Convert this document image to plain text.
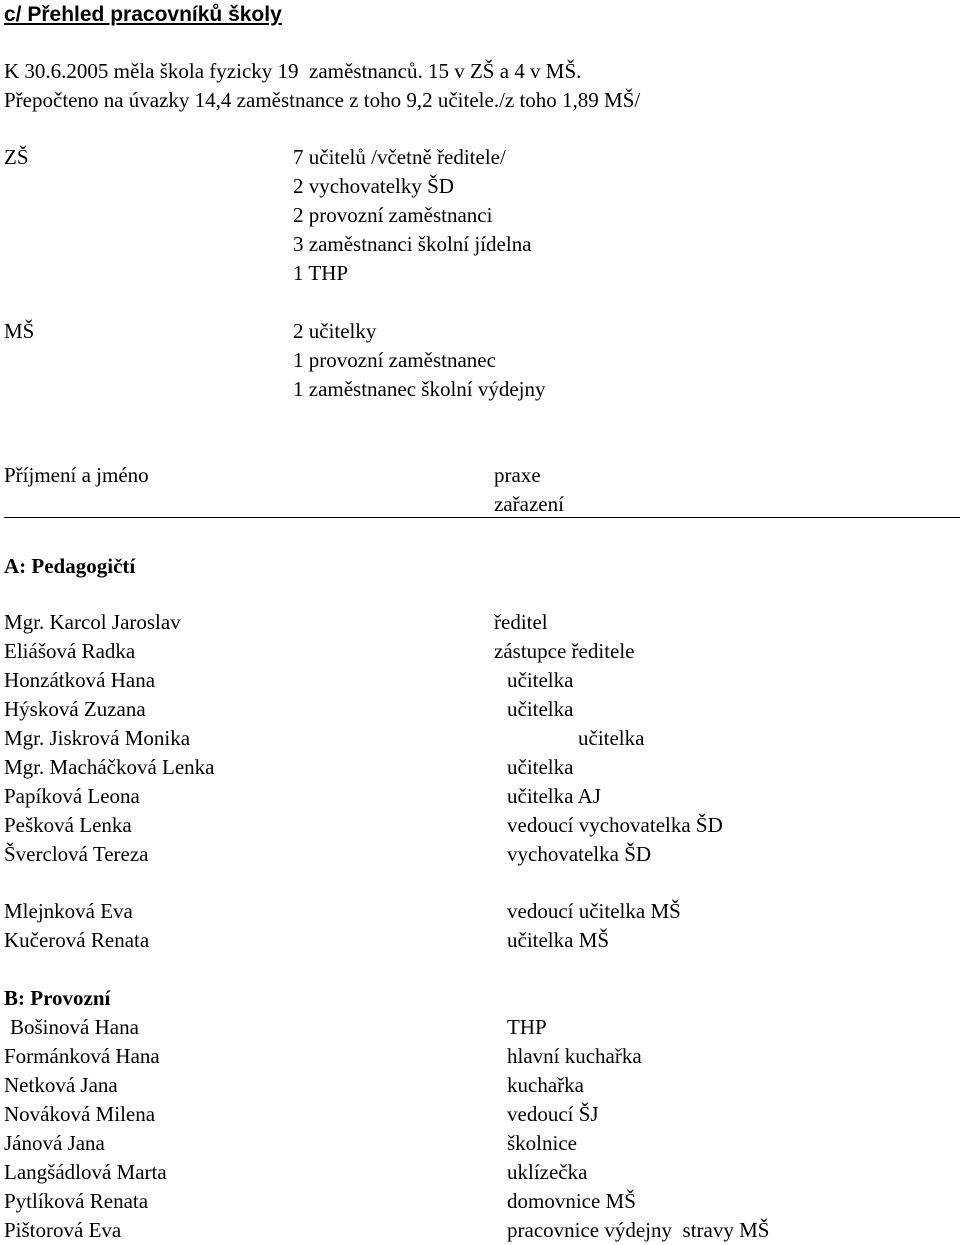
c/ Přehled pracovníků školy
K 30.6.2005 měla škola fyzicky 19  zaměstnanců. 15 v ZŠ a 4 v MŠ.
Přepočteno na úvazky 14,4 zaměstnance z toho 9,2 učitele./z toho 1,89 MŠ/
ZŠ	7 učitelů /včetně ředitele/
2 vychovatelky ŠD
2 provozní zaměstnanci
3 zaměstnanci školní jídelna
1 THP
MŠ	2 učitelky
1 provozní zaměstnanec
1 zaměstnanec školní výdejny
Příjmení a jméno	praxe
zařazení
A: Pedagogičtí
Mgr. Karcol Jaroslav	ředitel
Eliášová Radka	zástupce ředitele
Honzátková Hana	učitelka
Hýsková Zuzana	učitelka
Mgr. Jiskrová Monika	učitelka
Mgr. Macháčková Lenka	učitelka
Papíková Leona	učitelka AJ
Pešková Lenka	vedoucí vychovatelka ŠD
Šverclová Tereza	vychovatelka ŠD
Mlejnková Eva	vedoucí učitelka MŠ
Kučerová Renata	učitelka MŠ
B: Provozní
Bošinová Hana	THP
Formánková Hana	hlavní kuchařka
Netková Jana	kuchařka
Nováková Milena	vedoucí ŠJ
Jánová Jana	školnice
Langšádlová Marta	uklízečka
Pytlíková Renata	domovnice MŠ
Pištorová Eva	pracovnice výdejny  stravy MŠ
